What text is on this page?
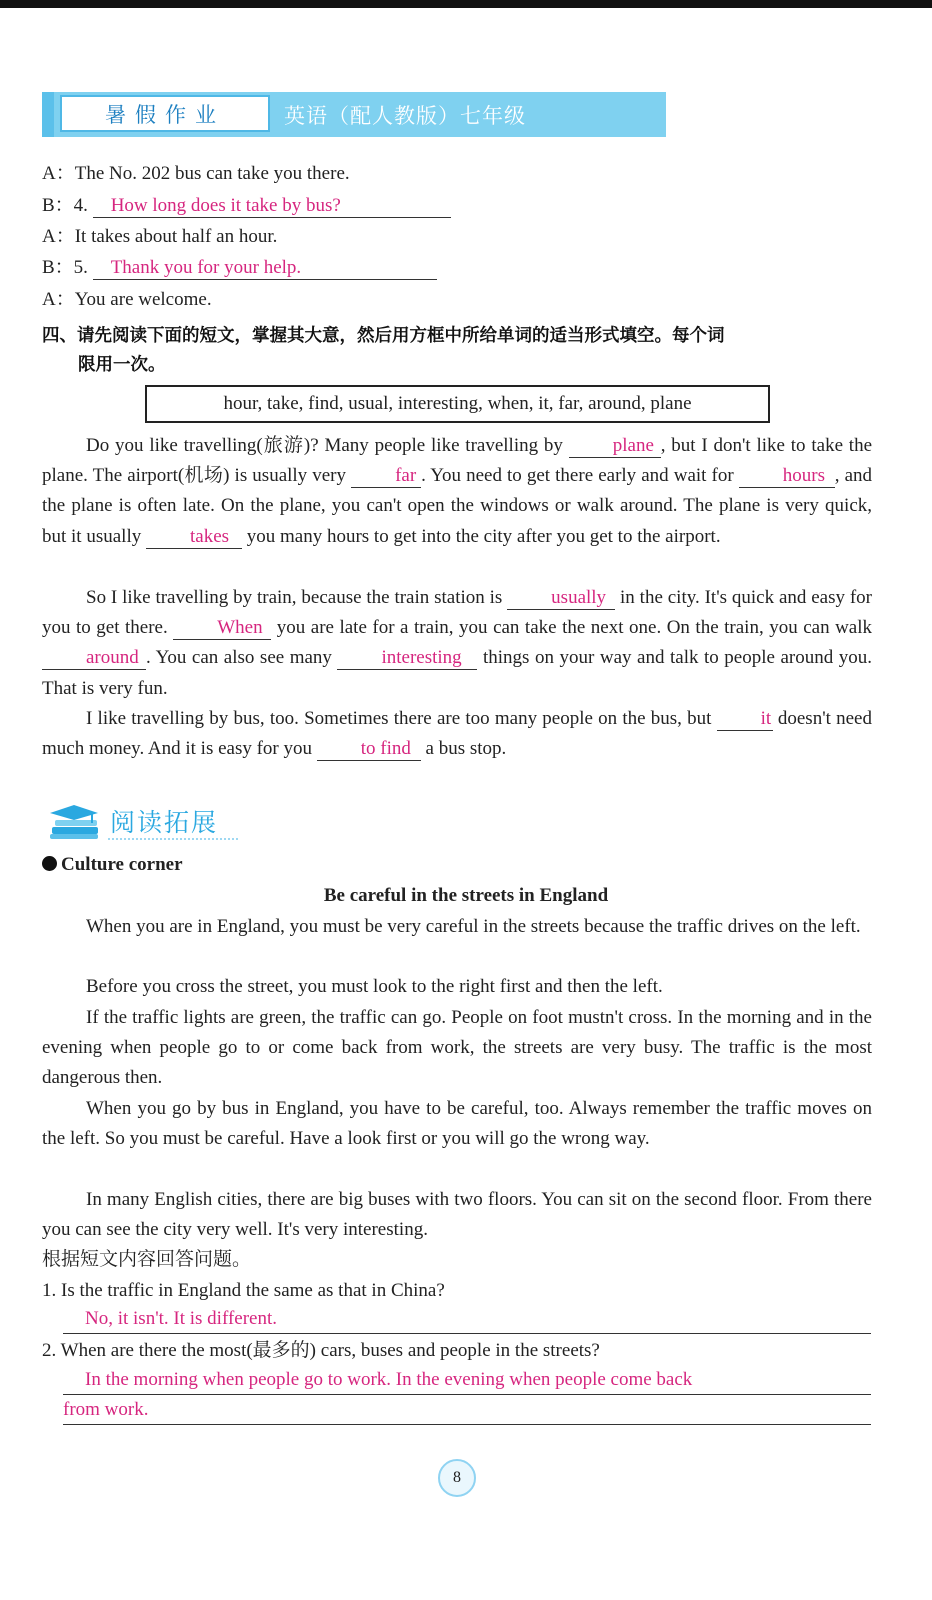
暑假作业	英语（配人教版）七年级
A：The No. 202 bus can take you there.
B：4. How long does it take by bus?
A：It takes about half an hour.
B：5. Thank you for your help.
A：You are welcome.
四、请先阅读下面的短文，掌握其大意，然后用方框中所给单词的适当形式填空。每个词
限用一次。
hour, take, find, usual, interesting, when, it, far, around, plane
Do you like travelling(旅游)? Many people like travelling by	plane , but I don't like to take the plane. The airport(机场) is usually very	far . You need to get there early and wait for	hours , and the plane is often late. On the plane, you can't open the windows or walk around. The plane is very quick, but it usually	takes you many hours to get into the city after you get to the airport.
So I like travelling by train, because the train station is	usually in the city. It's quick and easy for you to get there.	When you are late for a train, you can take the next one. On the train, you can walk around . You can also see many	interesting things on your way and talk to people around you. That is very fun.
I like travelling by bus, too. Sometimes there are too many people on the bus, but	it doesn't need much money. And it is easy for you	to find a bus stop.
阅读拓展
Culture corner
Be careful in the streets in England
When you are in England, you must be very careful in the streets because the traffic drives on the left.
Before you cross the street, you must look to the right first and then the left.
If the traffic lights are green, the traffic can go. People on foot mustn't cross. In the morning and in the evening when people go to or come back from work, the streets are very busy. The traffic is the most dangerous then.
When you go by bus in England, you have to be careful, too. Always remember the traffic moves on the left. So you must be careful. Have a look first or you will go the wrong way.
In many English cities, there are big buses with two floors. You can sit on the second floor. From there you can see the city very well. It's very interesting.
根据短文内容回答问题。
1. Is the traffic in England the same as that in China?
No, it isn't. It is different.
2. When are there the most(最多的) cars, buses and people in the streets?
In the morning when people go to work. In the evening when people come back
from work.
8
